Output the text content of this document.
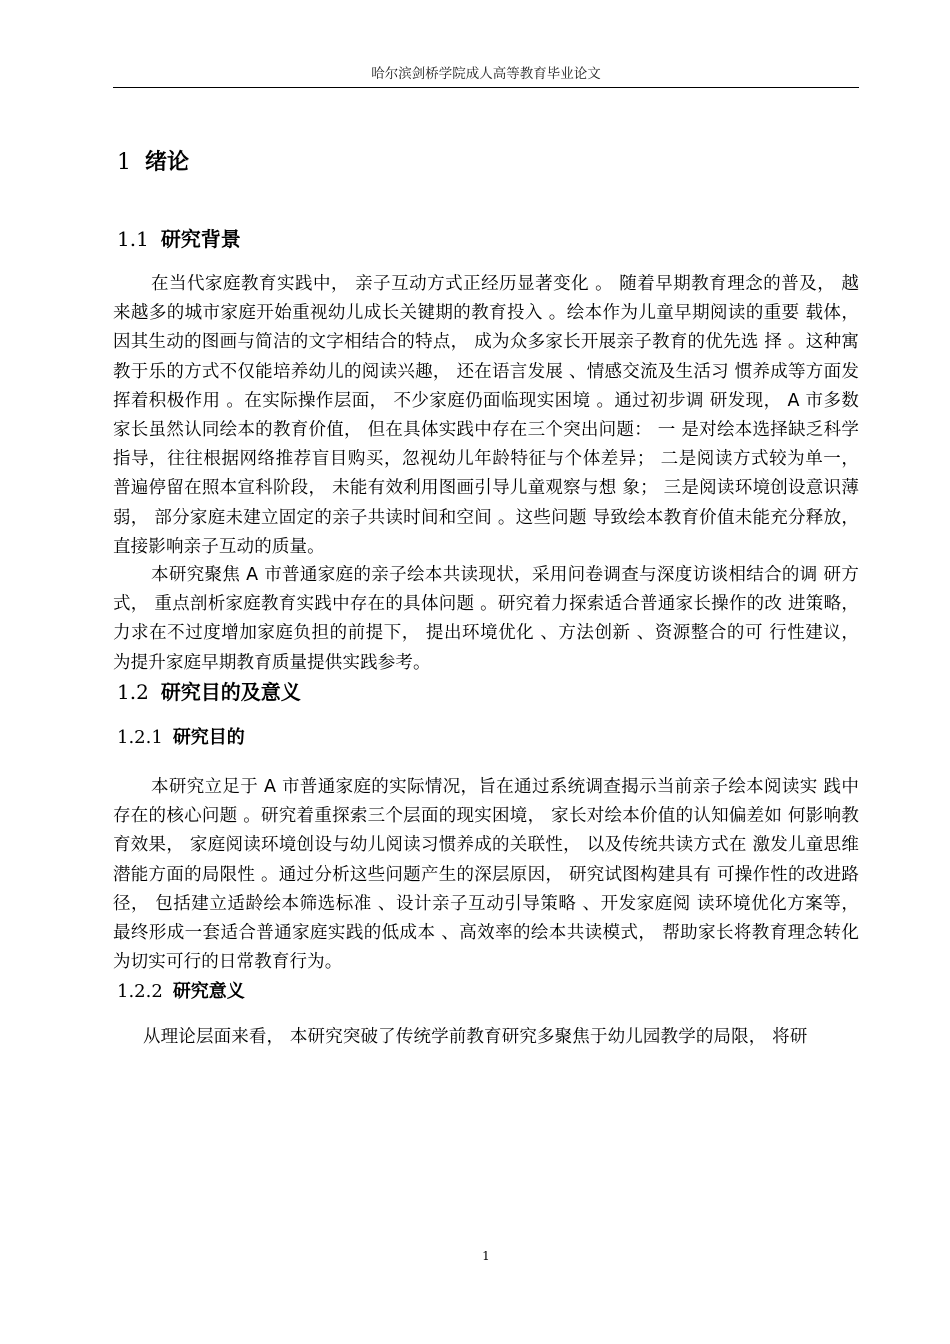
哈尔滨剑桥学院成人高等教育毕业论文
1 绪论
1.1 研究背景

在当代家庭教育实践中， 亲子互动方式正经历显著变化 。 随着早期教育理念的普及， 越来越多的城市家庭开始重视幼儿成长关键期的教育投入 。绘本作为儿童早期阅读的重要 载体， 因其生动的图画与简洁的文字相结合的特点， 成为众多家长开展亲子教育的优先选 择 。这种寓教于乐的方式不仅能培养幼儿的阅读兴趣， 还在语言发展 、情感交流及生活习 惯养成等方面发挥着积极作用 。在实际操作层面， 不少家庭仍面临现实困境 。通过初步调 研发现， A 市多数家长虽然认同绘本的教育价值， 但在具体实践中存在三个突出问题： 一 是对绘本选择缺乏科学指导，往往根据网络推荐盲目购买，忽视幼儿年龄特征与个体差异； 二是阅读方式较为单一， 普遍停留在照本宣科阶段， 未能有效利用图画引导儿童观察与想 象； 三是阅读环境创设意识薄弱， 部分家庭未建立固定的亲子共读时间和空间 。这些问题 导致绘本教育价值未能充分释放， 直接影响亲子互动的质量。

本研究聚焦 A 市普通家庭的亲子绘本共读现状，采用问卷调查与深度访谈相结合的调 研方式， 重点剖析家庭教育实践中存在的具体问题 。研究着力探索适合普通家长操作的改 进策略， 力求在不过度增加家庭负担的前提下， 提出环境优化 、方法创新 、资源整合的可 行性建议， 为提升家庭早期教育质量提供实践参考。

1.2 研究目的及意义
1.2.1 研究目的

本研究立足于 A 市普通家庭的实际情况，旨在通过系统调查揭示当前亲子绘本阅读实 践中存在的核心问题 。研究着重探索三个层面的现实困境， 家长对绘本价值的认知偏差如 何影响教育效果， 家庭阅读环境创设与幼儿阅读习惯养成的关联性， 以及传统共读方式在 激发儿童思维潜能方面的局限性 。通过分析这些问题产生的深层原因， 研究试图构建具有 可操作性的改进路径， 包括建立适龄绘本筛选标准 、设计亲子互动引导策略 、开发家庭阅 读环境优化方案等， 最终形成一套适合普通家庭实践的低成本 、高效率的绘本共读模式， 帮助家长将教育理念转化为切实可行的日常教育行为。

1.2.2 研究意义

从理论层面来看， 本研究突破了传统学前教育研究多聚焦于幼儿园教学的局限， 将研

1
